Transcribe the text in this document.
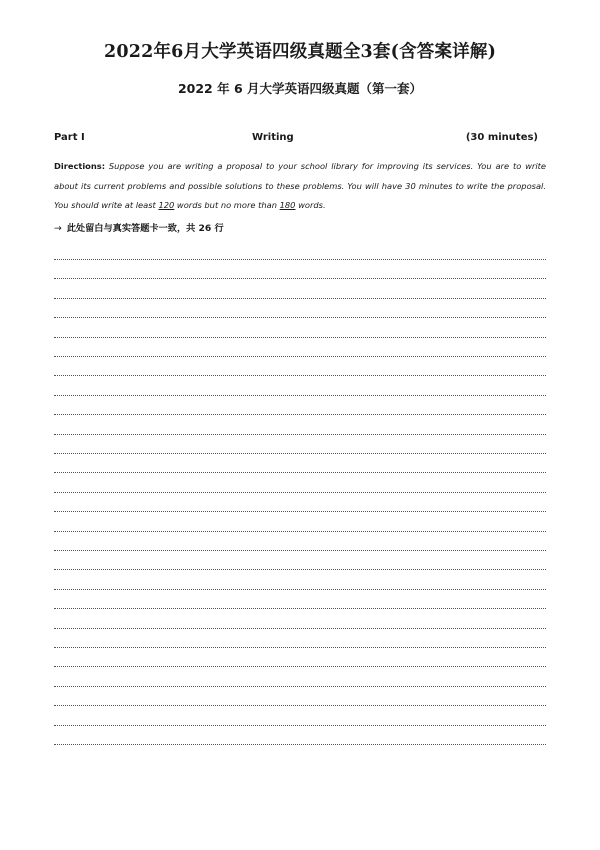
2022年6月大学英语四级真题全3套(含答案详解)
2022 年 6 月大学英语四级真题（第一套）
Part I	Writing	(30 minutes)
Directions: Suppose you are writing a proposal to your school library for improving its services. You are to write about its current problems and possible solutions to these problems. You will have 30 minutes to write the proposal. You should write at least 120 words but no more than 180 words.
→ 此处留白与真实答题卡一致，共 26 行
